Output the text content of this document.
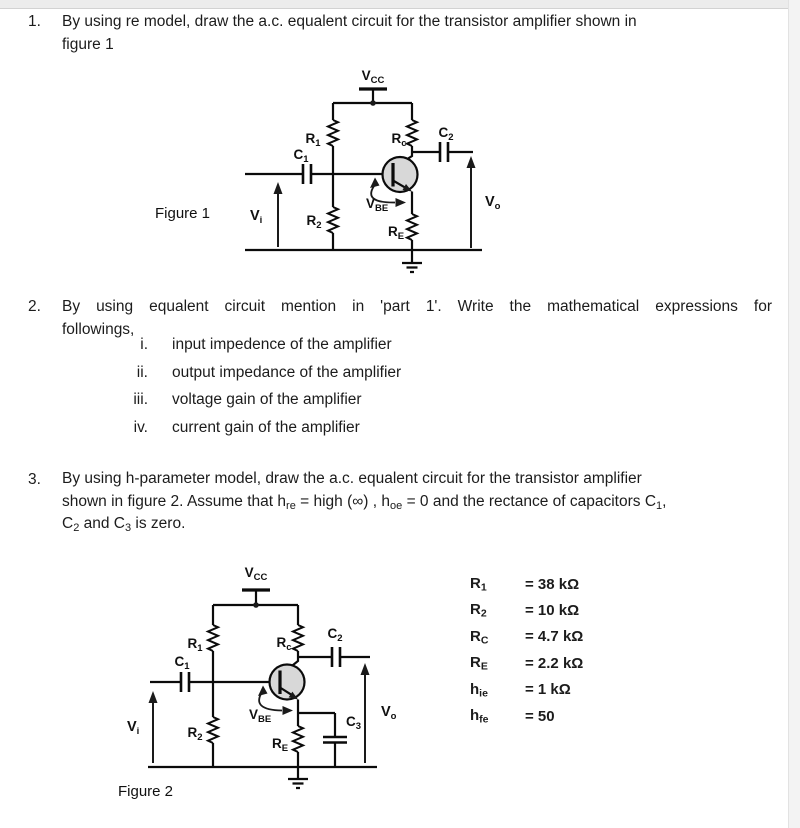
1. By using re model, draw the a.c. equalent circuit for the transistor amplifier shown in
figure 1
$V_{CC}$
$R_1$	$R_c$
$C_1$
$C_2$
$R_2$	$R_E$
$V_{BE}$
$V_i$
$V_o$
Figure 1
2. By using equalent circuit mention in 'part 1'. Write the mathematical expressions for
followings,
i. input impedence of the amplifier
ii. output impedance of the amplifier
iii. voltage gain of the amplifier
iv. current gain of the amplifier
3. By using h-parameter model, draw the a.c. equalent circuit for the transistor amplifier
shown in figure 2. Assume that $h_{re}$ = high (∞) , $h_{oe} = 0$ and the rectance of capacitors $C_1$,
$C_2$ and $C_3$ is zero.
$V_{CC}$
$R_1$	$R_c$
$C_1$
$C_2$
$C_3$
$R_2$	$R_E$
$V_{BE}$
$V_i$
$V_o$
Figure 2
$R_1$	= 38 kΩ
$R_2$	= 10 kΩ
$R_C$	= 4.7 kΩ
$R_E$	= 2.2 kΩ
$h_{ie}$	= 1 kΩ
$h_{fe}$	= 50
